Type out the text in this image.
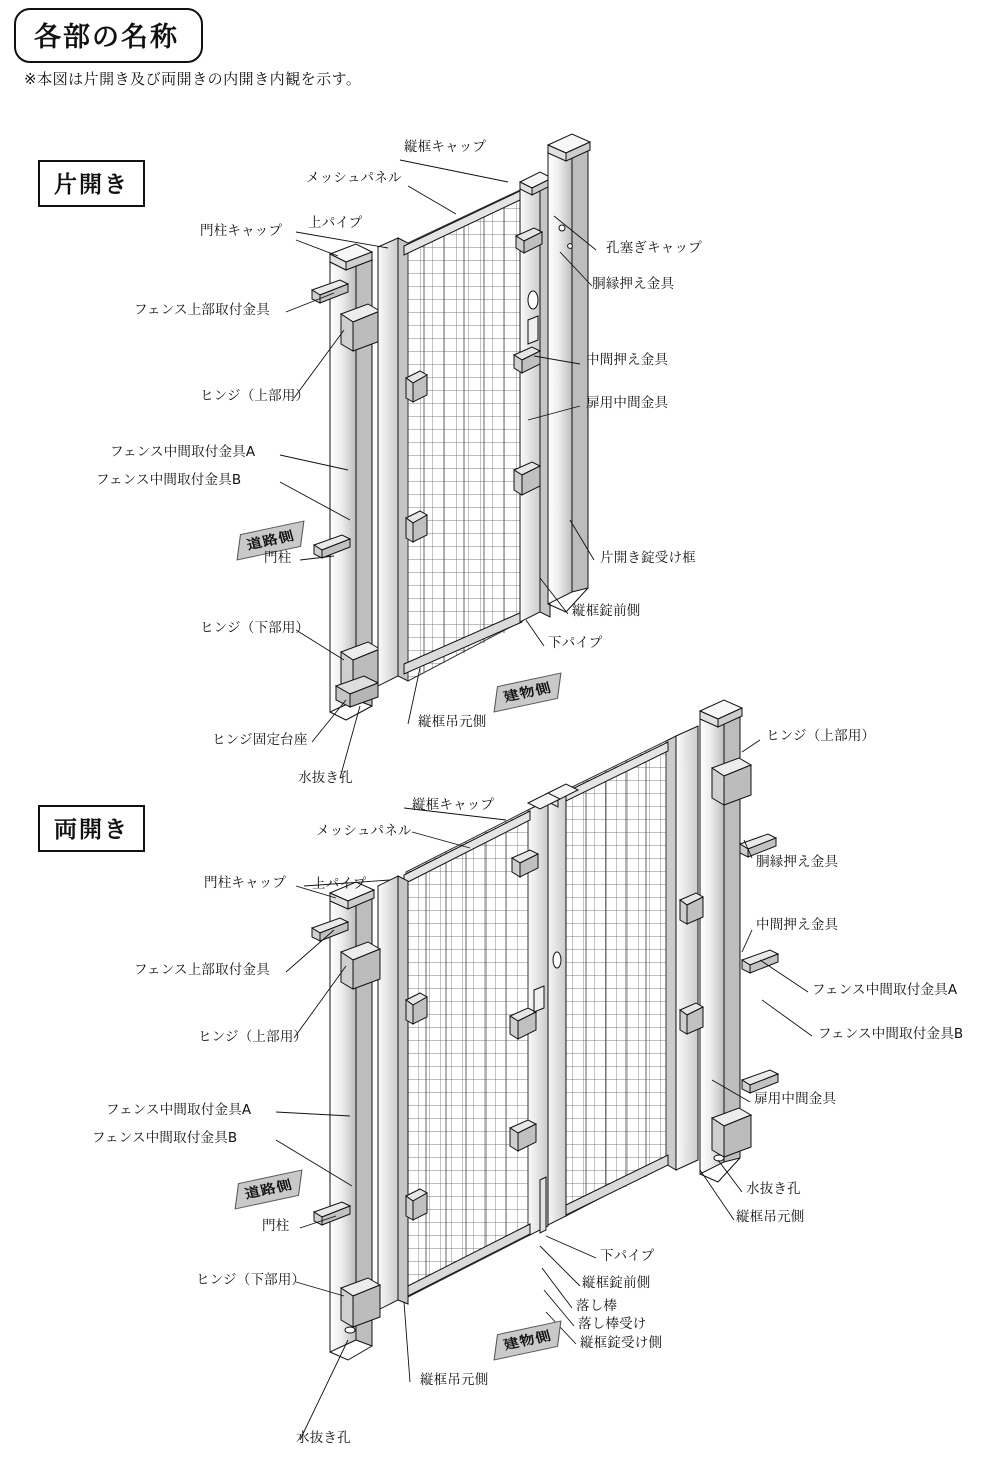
各部の名称
※本図は片開き及び両開きの内開き内観を示す。
片開き
両開き
道路側
建物側
道路側
建物側
縦框キャップ
メッシュパネル
門柱キャップ 上パイプ
フェンス上部取付金具
ヒンジ（上部用）
フェンス中間取付金具A
フェンス中間取付金具B
門柱
ヒンジ（下部用）
ヒンジ固定台座
水抜き孔
縦框吊元側
孔塞ぎキャップ
胴縁押え金具
中間押え金具
扉用中間金具
片開き錠受け框
縦框錠前側
下パイプ
ヒンジ（上部用）
胴縁押え金具
中間押え金具
フェンス中間取付金具A
フェンス中間取付金具B
扉用中間金具
水抜き孔
縦框吊元側
縦框キャップ
メッシュパネル
門柱キャップ 上パイプ
フェンス上部取付金具
ヒンジ（上部用）
フェンス中間取付金具A
フェンス中間取付金具B
門柱
ヒンジ（下部用）
縦框吊元側
水抜き孔
下パイプ
縦框錠前側
落し棒
落し棒受け
縦框錠受け側
